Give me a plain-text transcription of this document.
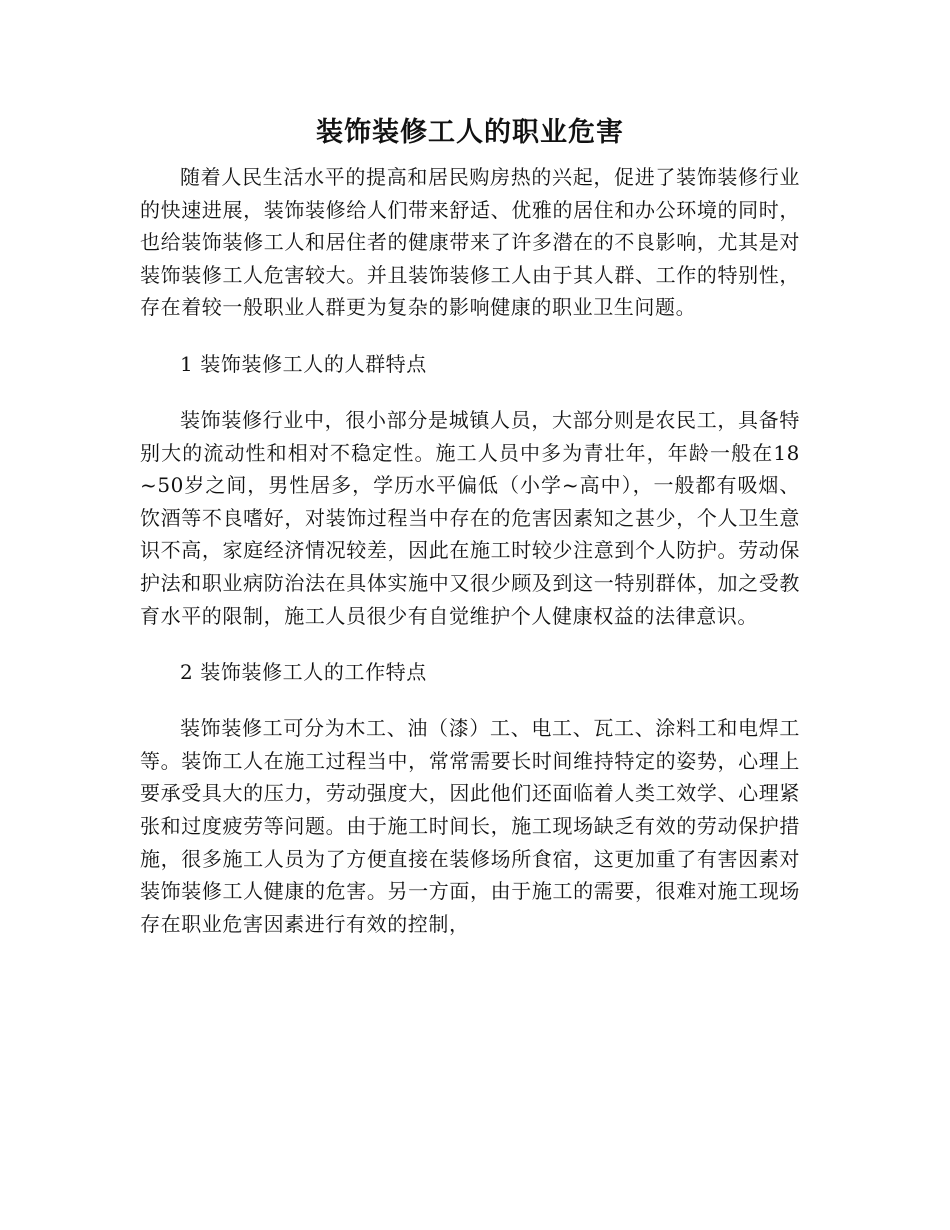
装饰装修工人的职业危害

随着人民生活水平的提高和居民购房热的兴起，促进了装饰装修行业的快速进展，装饰装修给人们带来舒适、优雅的居住和办公环境的同时，也给装饰装修工人和居住者的健康带来了许多潜在的不良影响，尤其是对装饰装修工人危害较大。并且装饰装修工人由于其人群、工作的特别性，存在着较一般职业人群更为复杂的影响健康的职业卫生问题。

1 装饰装修工人的人群特点

装饰装修行业中，很小部分是城镇人员，大部分则是农民工，具备特别大的流动性和相对不稳定性。施工人员中多为青壮年，年龄一般在18~50岁之间，男性居多，学历水平偏低（小学~高中），一般都有吸烟、饮酒等不良嗜好，对装饰过程当中存在的危害因素知之甚少，个人卫生意识不高，家庭经济情况较差，因此在施工时较少注意到个人防护。劳动保护法和职业病防治法在具体实施中又很少顾及到这一特别群体，加之受教育水平的限制，施工人员很少有自觉维护个人健康权益的法律意识。

2 装饰装修工人的工作特点

装饰装修工可分为木工、油（漆）工、电工、瓦工、涂料工和电焊工等。装饰工人在施工过程当中，常常需要长时间维持特定的姿势，心理上要承受具大的压力，劳动强度大，因此他们还面临着人类工效学、心理紧张和过度疲劳等问题。由于施工时间长，施工现场缺乏有效的劳动保护措施，很多施工人员为了方便直接在装修场所食宿，这更加重了有害因素对装饰装修工人健康的危害。另一方面，由于施工的需要，很难对施工现场存在职业危害因素进行有效的控制，
